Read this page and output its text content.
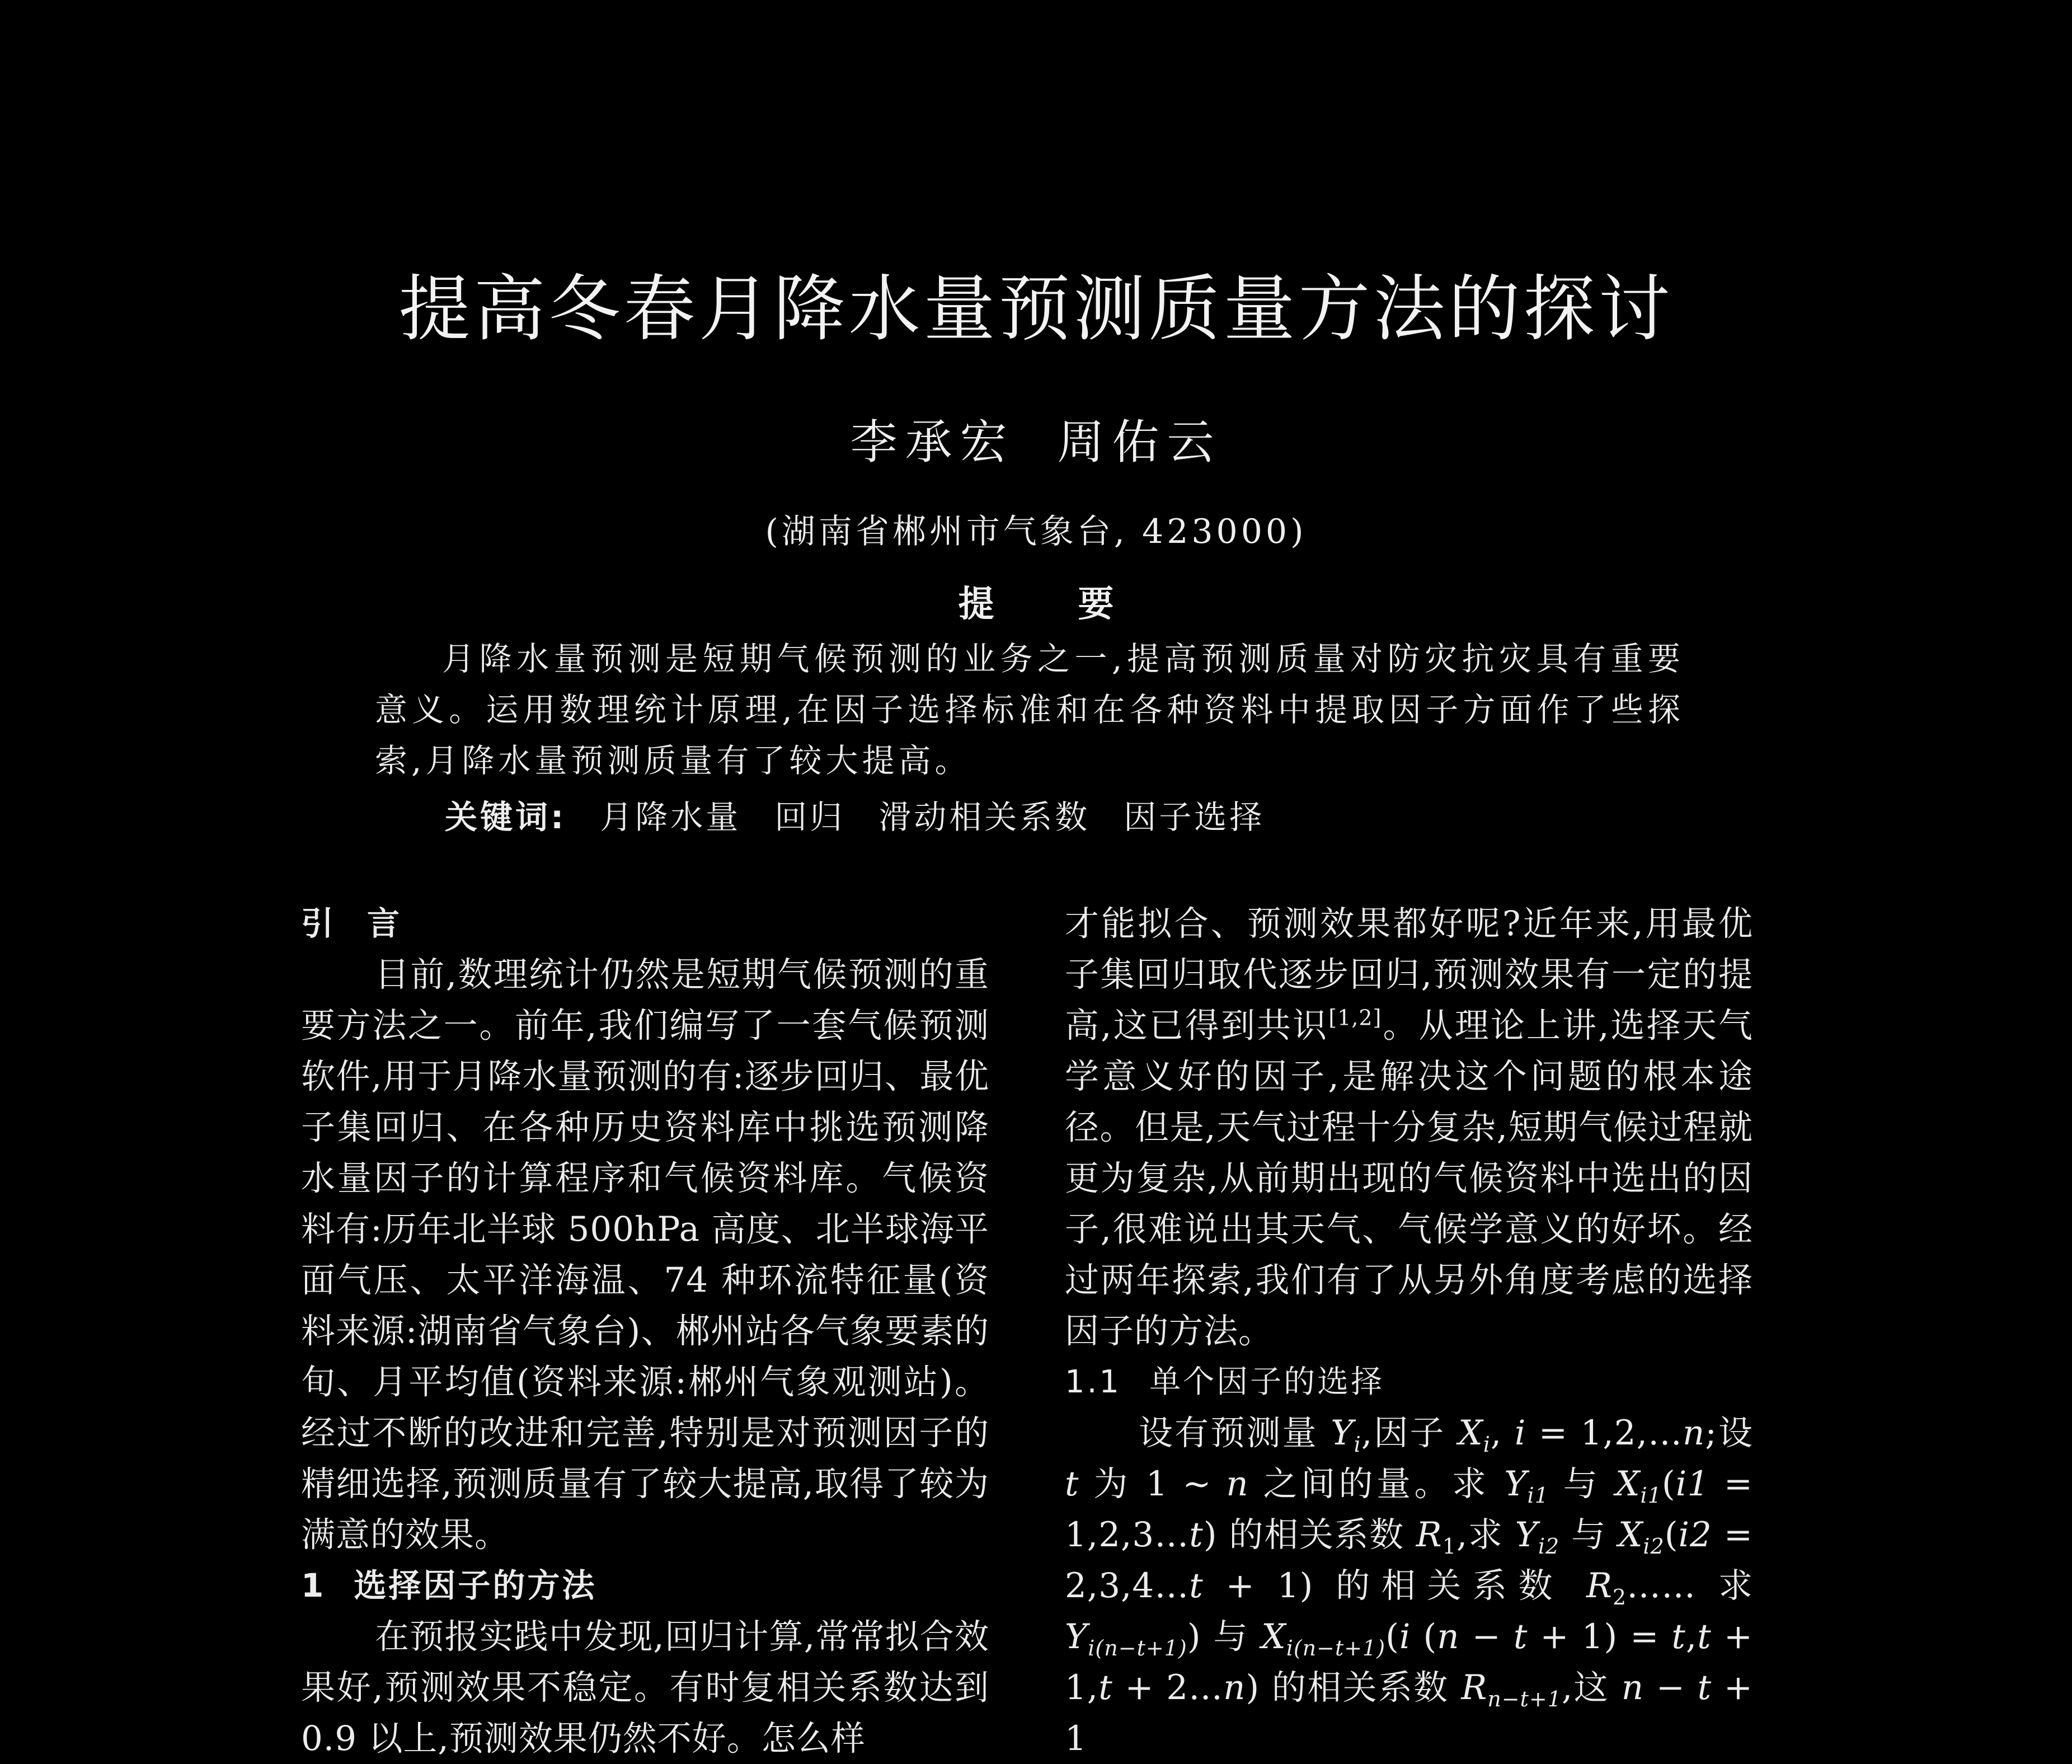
提高冬春月降水量预测质量方法的探讨
李承宏 周佑云
(湖南省郴州市气象台, 423000)
提要
月降水量预测是短期气候预测的业务之一,提高预测质量对防灾抗灾具有重要意义。运用数理统计原理,在因子选择标准和在各种资料中提取因子方面作了些探索,月降水量预测质量有了较大提高。
关键词: 月降水量 回归 滑动相关系数 因子选择
引言

目前,数理统计仍然是短期气候预测的重要方法之一。前年,我们编写了一套气候预测软件,用于月降水量预测的有:逐步回归、最优子集回归、在各种历史资料库中挑选预测降水量因子的计算程序和气候资料库。气候资料有:历年北半球 500hPa 高度、北半球海平面气压、太平洋海温、74 种环流特征量(资料来源:湖南省气象台)、郴州站各气象要素的旬、月平均值(资料来源:郴州气象观测站)。经过不断的改进和完善,特别是对预测因子的精细选择,预测质量有了较大提高,取得了较为满意的效果。

1 选择因子的方法

在预报实践中发现,回归计算,常常拟合效果好,预测效果不稳定。有时复相关系数达到 0.9 以上,预测效果仍然不好。怎么样

才能拟合、预测效果都好呢?近年来,用最优子集回归取代逐步回归,预测效果有一定的提高,这已得到共识[1,2]。从理论上讲,选择天气学意义好的因子,是解决这个问题的根本途径。但是,天气过程十分复杂,短期气候过程就更为复杂,从前期出现的气候资料中选出的因子,很难说出其天气、气候学意义的好坏。经过两年探索,我们有了从另外角度考虑的选择因子的方法。

1.1 单个因子的选择

设有预测量 $Y_i$,因子 $X_i$, i = 1,2,…n;设 t 为 1 ~ n 之间的量。求 $Y_{i1}$ 与 $X_{i1}(i1$ = 1,2,3…t) 的相关系数 $R_1$,求 $Y_{i2}$ 与 $X_{i2}(i2$ = 2,3,4…t + 1) 的相关系数 $R_2\dots\dots$ 求 $Y_{i(n-t+1)}$) 与 $X_{i(n-t+1)}(i$ (n − t + 1) = t,t + 1,t + 2…n) 的相关系数 $R_{n-t+1}$,这 n − t + 1
